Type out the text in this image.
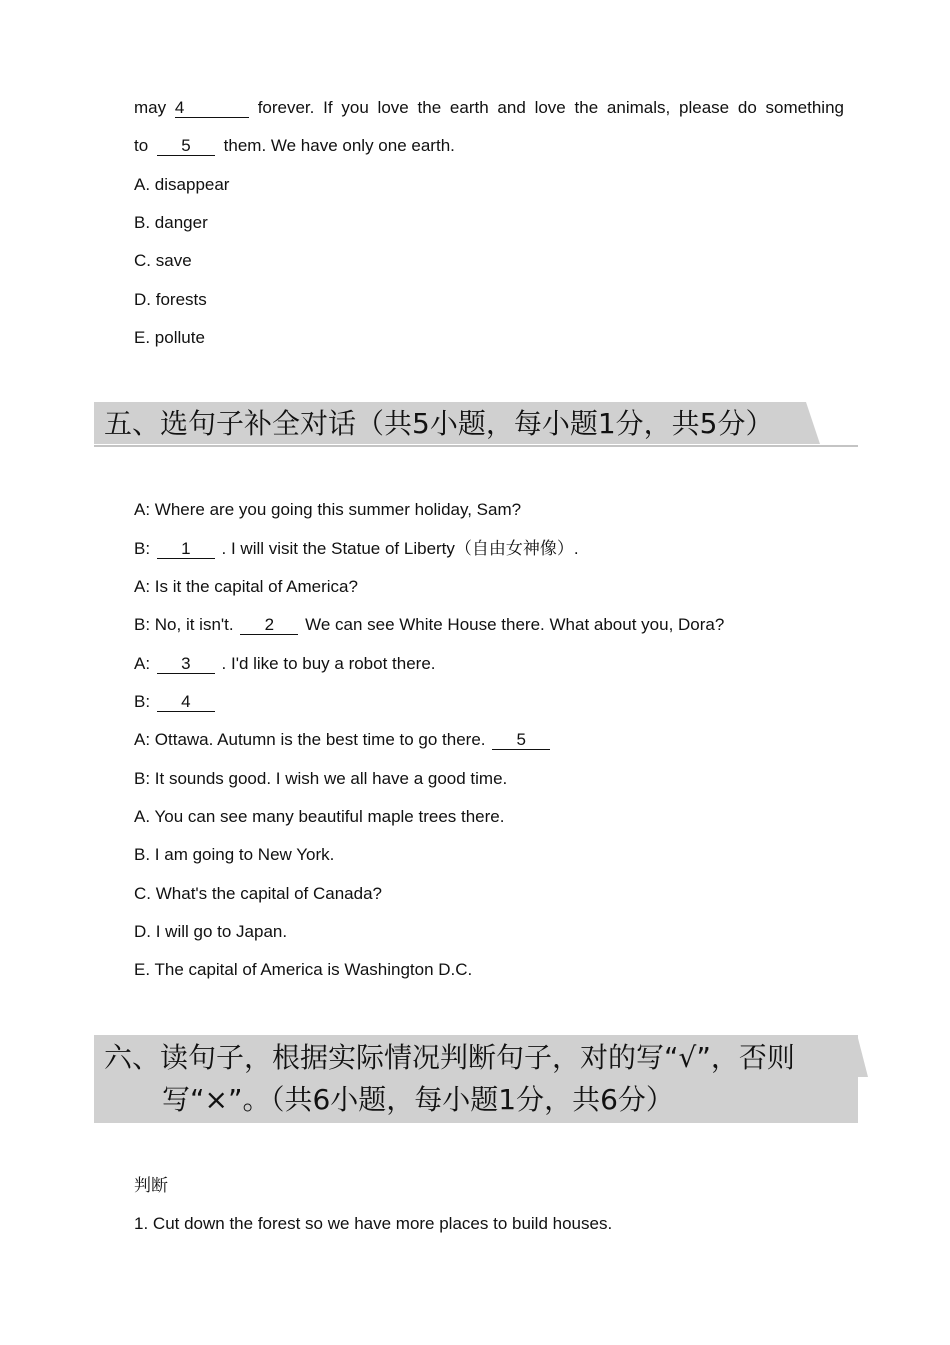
may 4	forever. If you love the earth and love the animals, please do something
to 5 them. We have only one earth.
A. disappear
B. danger
C. save
D. forests
E. pollute
五、选句子补全对话（共5小题，每小题1分，共5分）
A: Where are you going this summer holiday, Sam?
B: 1 . I will visit the Statue of Liberty（自由女神像）.
A: Is it the capital of America?
B: No, it isn't. 2 We can see White House there. What about you, Dora?
A: 3 . I'd like to buy a robot there.
B: 4
A: Ottawa. Autumn is the best time to go there. 5
B: It sounds good. I wish we all have a good time.
A. You can see many beautiful maple trees there.
B. I am going to New York.
C. What's the capital of Canada?
D. I will go to Japan.
E. The capital of America is Washington D.C.
六、读句子，根据实际情况判断句子，对的写“√”，否则
写“×”。（共6小题，每小题1分，共6分）
判断
1. Cut down the forest so we have more places to build houses.
